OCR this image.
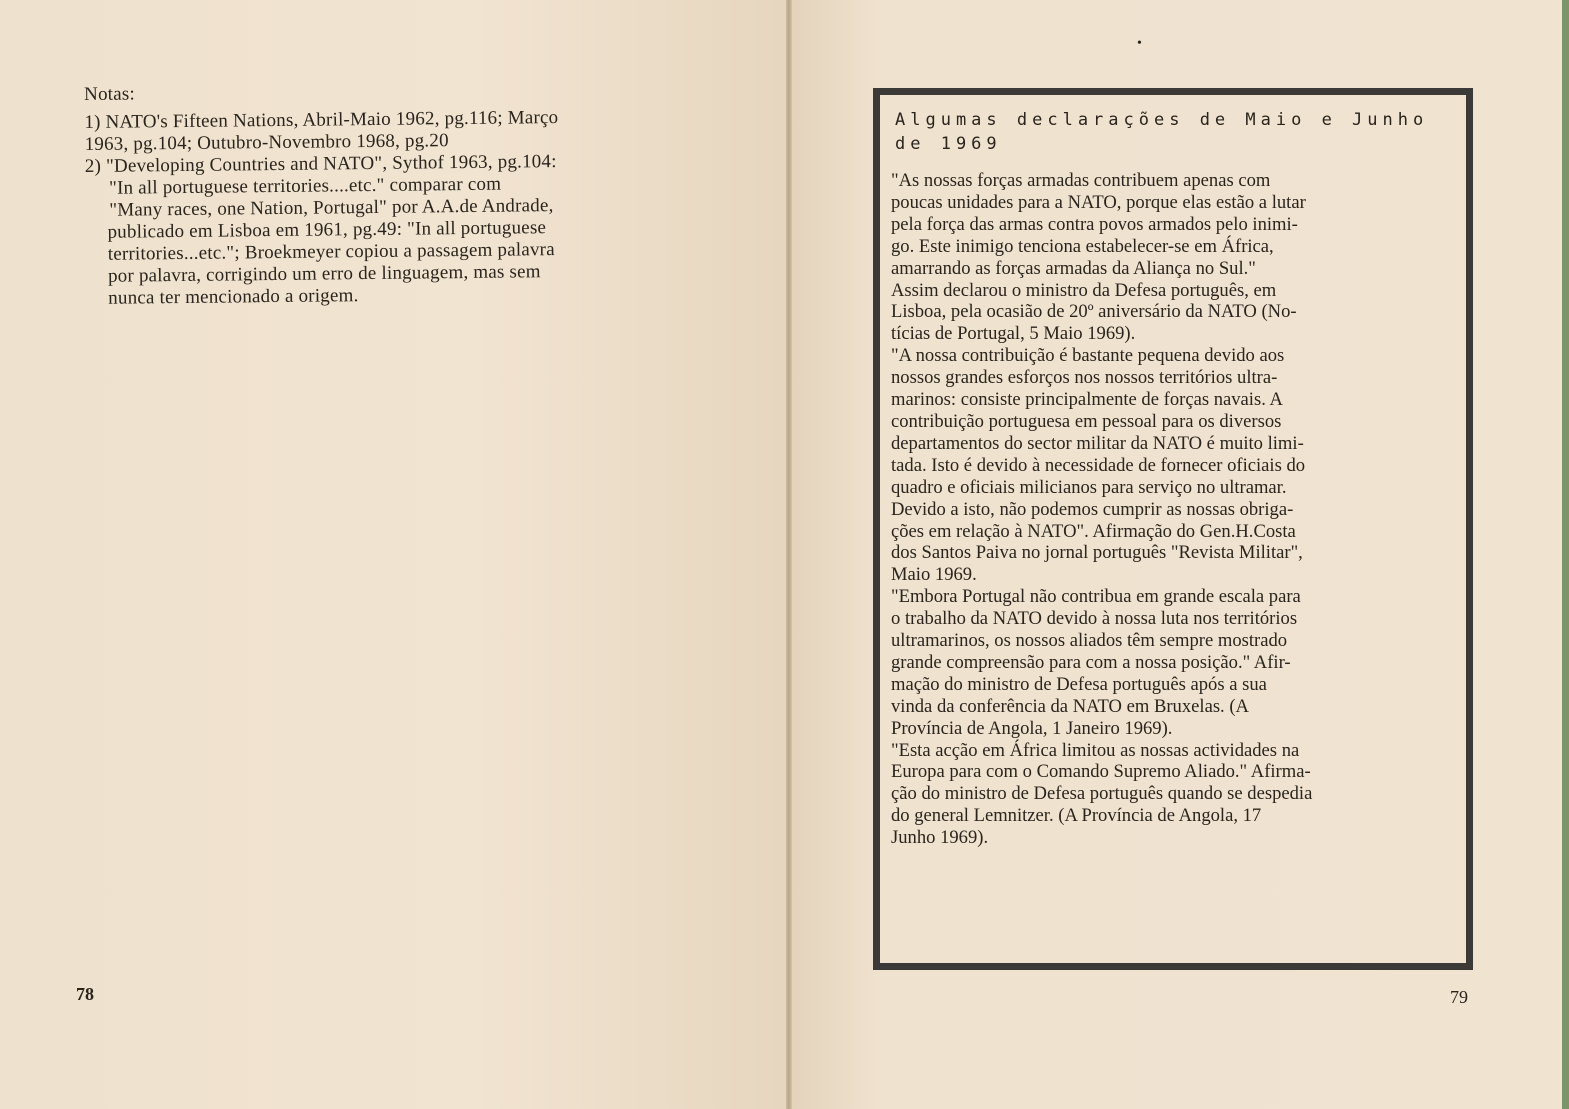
Notas:
1) NATO's Fifteen Nations, Abril-Maio 1962, pg.116; Março
1963, pg.104; Outubro-Novembro 1968, pg.20
2) "Developing Countries and NATO", Sythof 1963, pg.104:
"In all portuguese territories....etc." comparar com
"Many races, one Nation, Portugal" por A.A.de Andrade,
publicado em Lisboa em 1961, pg.49: "In all portuguese
territories...etc."; Broekmeyer copiou a passagem palavra
por palavra, corrigindo um erro de linguagem, mas sem
nunca ter mencionado a origem.
78
•
Algumas declarações de Maio e Junho
de 1969
"As nossas forças armadas contribuem apenas com
poucas unidades para a NATO, porque elas estão a lutar
pela força das armas contra povos armados pelo inimi-
go. Este inimigo tenciona estabelecer-se em África,
amarrando as forças armadas da Aliança no Sul."
Assim declarou o ministro da Defesa português, em
Lisboa, pela ocasião de 20º aniversário da NATO (No-
tícias de Portugal, 5 Maio 1969).
"A nossa contribuição é bastante pequena devido aos
nossos grandes esforços nos nossos territórios ultra-
marinos: consiste principalmente de forças navais. A
contribuição portuguesa em pessoal para os diversos
departamentos do sector militar da NATO é muito limi-
tada. Isto é devido à necessidade de fornecer oficiais do
quadro e oficiais milicianos para serviço no ultramar.
Devido a isto, não podemos cumprir as nossas obriga-
ções em relação à NATO". Afirmação do Gen.H.Costa
dos Santos Paiva no jornal português "Revista Militar",
Maio 1969.
"Embora Portugal não contribua em grande escala para
o trabalho da NATO devido à nossa luta nos territórios
ultramarinos, os nossos aliados têm sempre mostrado
grande compreensão para com a nossa posição." Afir-
mação do ministro de Defesa português após a sua
vinda da conferência da NATO em Bruxelas. (A
Província de Angola, 1 Janeiro 1969).
"Esta acção em África limitou as nossas actividades na
Europa para com o Comando Supremo Aliado." Afirma-
ção do ministro de Defesa português quando se despedia
do general Lemnitzer. (A Província de Angola, 17
Junho 1969).
79
